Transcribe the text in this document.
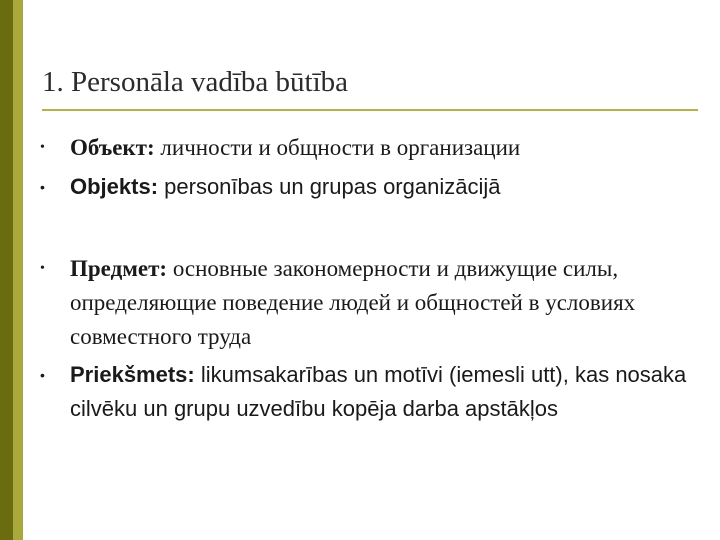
1. Personāla vadība būtība
• Объект: личности и общности в организации
• Objekts: personības un grupas organizācijā
• Предмет: основные закономерности и движущие силы, определяющие поведение людей и общностей в условиях совместного труда
• Priekšmets: likumsakarības un motīvi (iemesli utt), kas nosaka cilvēku un grupu uzvedību kopēja darba apstākļos
